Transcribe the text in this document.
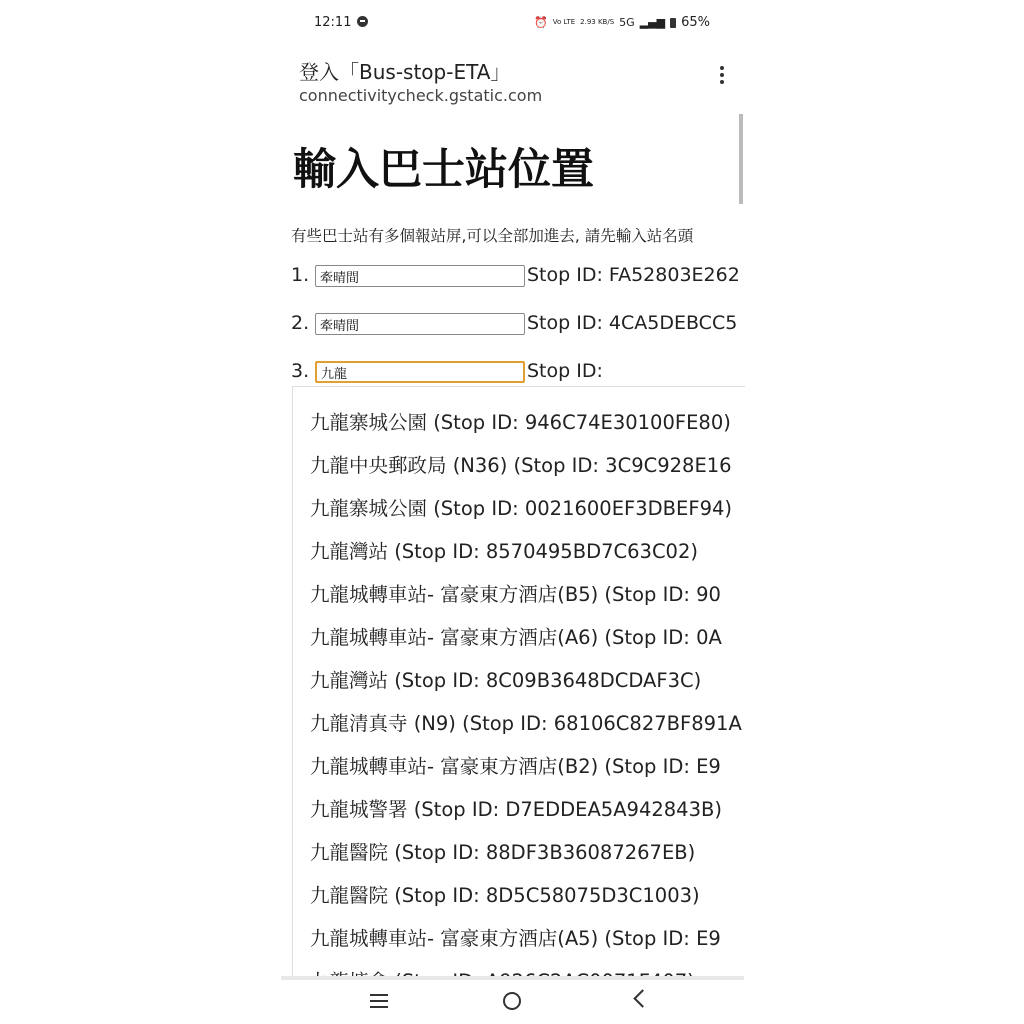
12:11	⏰ Vo LTE 2.93 KB/S 5G ▂▄▆ 65%
登入「Bus-stop-ETA」
connectivitycheck.gstatic.com
輸入巴士站位置
有些巴士站有多個報站屏,可以全部加進去, 請先輸入站名頭
1.
牽晴間	Stop ID: FA52803E262
2.
牽晴間	Stop ID: 4CA5DEBCC5
3.
九龍	Stop ID:
九龍寨城公園 (Stop ID: 946C74E30100FE80)
九龍中央郵政局 (N36) (Stop ID: 3C9C928E16
九龍寨城公園 (Stop ID: 0021600EF3DBEF94)
九龍灣站 (Stop ID: 8570495BD7C63C02)
九龍城轉車站- 富豪東方酒店(B5) (Stop ID: 90
九龍城轉車站- 富豪東方酒店(A6) (Stop ID: 0A
九龍灣站 (Stop ID: 8C09B3648DCDAF3C)
九龍清真寺 (N9) (Stop ID: 68106C827BF891A
九龍城轉車站- 富豪東方酒店(B2) (Stop ID: E9
九龍城警署 (Stop ID: D7EDDEA5A942843B)
九龍醫院 (Stop ID: 88DF3B36087267EB)
九龍醫院 (Stop ID: 8D5C58075D3C1003)
九龍城轉車站- 富豪東方酒店(A5) (Stop ID: E9
